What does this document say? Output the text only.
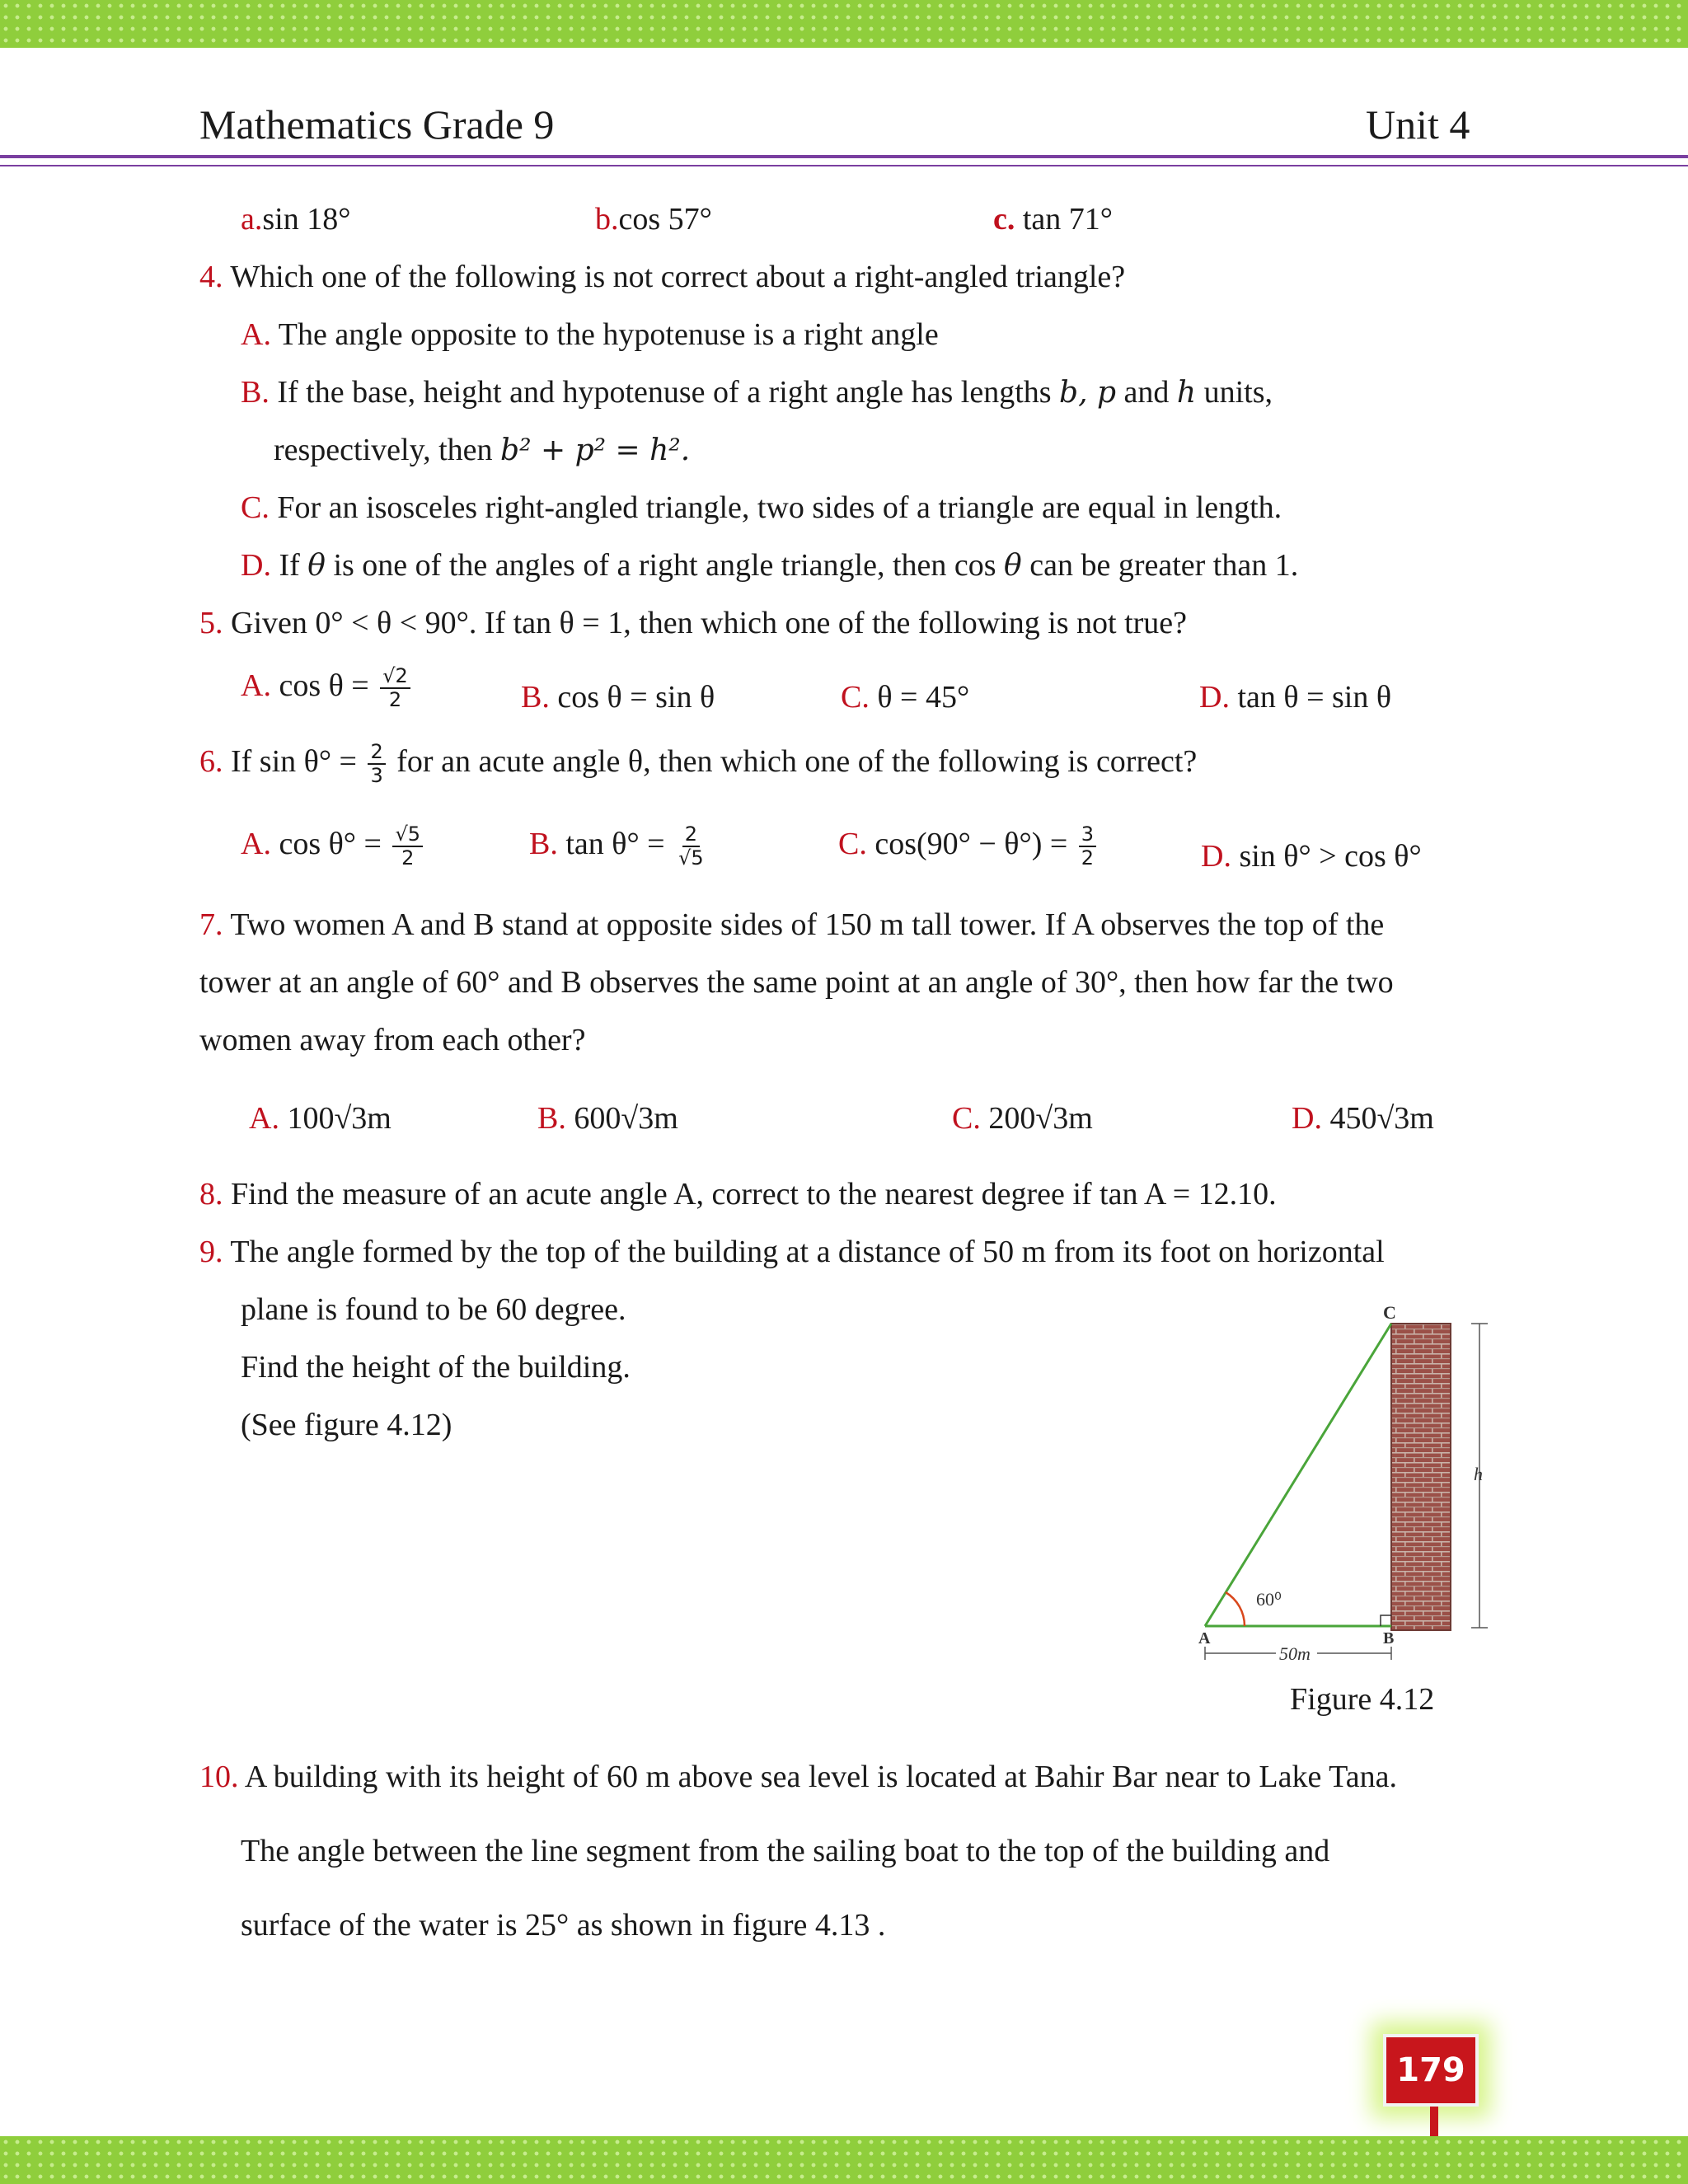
Mathematics Grade 9	Unit 4
a.sin 18°	b.cos 57°	c. tan 71°
4. Which one of the following is not correct about a right-angled triangle?
A. The angle opposite to the hypotenuse is a right angle
B. If the base, height and hypotenuse of a right angle has lengths b, p and h units,
respectively, then b² + p² = h².
C. For an isosceles right-angled triangle, two sides of a triangle are equal in length.
D. If θ is one of the angles of a right angle triangle, then cos θ can be greater than 1.
5. Given 0° < θ < 90°. If tan θ = 1, then which one of the following is not true?
A. $\cos \theta = \frac{√2}{2}$	B. cos θ = sin θ	C. θ = 45°	D. tan θ = sin θ
6. If $\sin \theta^\circ = \frac{2}{3}$ for an acute angle θ, then which one of the following is correct?
A. $\cos \theta^\circ = \frac{√5}{2}$	B. $\tan \theta^\circ = \frac{2}{√5}$	C. $\cos(90^\circ - \theta^\circ) = \frac{3}{2}$	D. sin θ° > cos θ°
7. Two women A and B stand at opposite sides of 150 m tall tower. If A observes the top of the
tower at an angle of 60° and B observes the same point at an angle of 30°, then how far the two
women away from each other?
A. 100√3m	B. 600√3m	C. 200√3m	D. 450√3m
8. Find the measure of an acute angle A, correct to the nearest degree if tan A = 12.10.
9. The angle formed by the top of the building at a distance of 50 m from its foot on horizontal
plane is found to be 60 degree.
Find the height of the building.
(See figure 4.12)
C
A	B
h
60⁰
50m
Figure 4.12
10. A building with its height of 60 m above sea level is located at Bahir Bar near to Lake Tana.
The angle between the line segment from the sailing boat to the top of the building and
surface of the water is 25° as shown in figure 4.13 .
179
